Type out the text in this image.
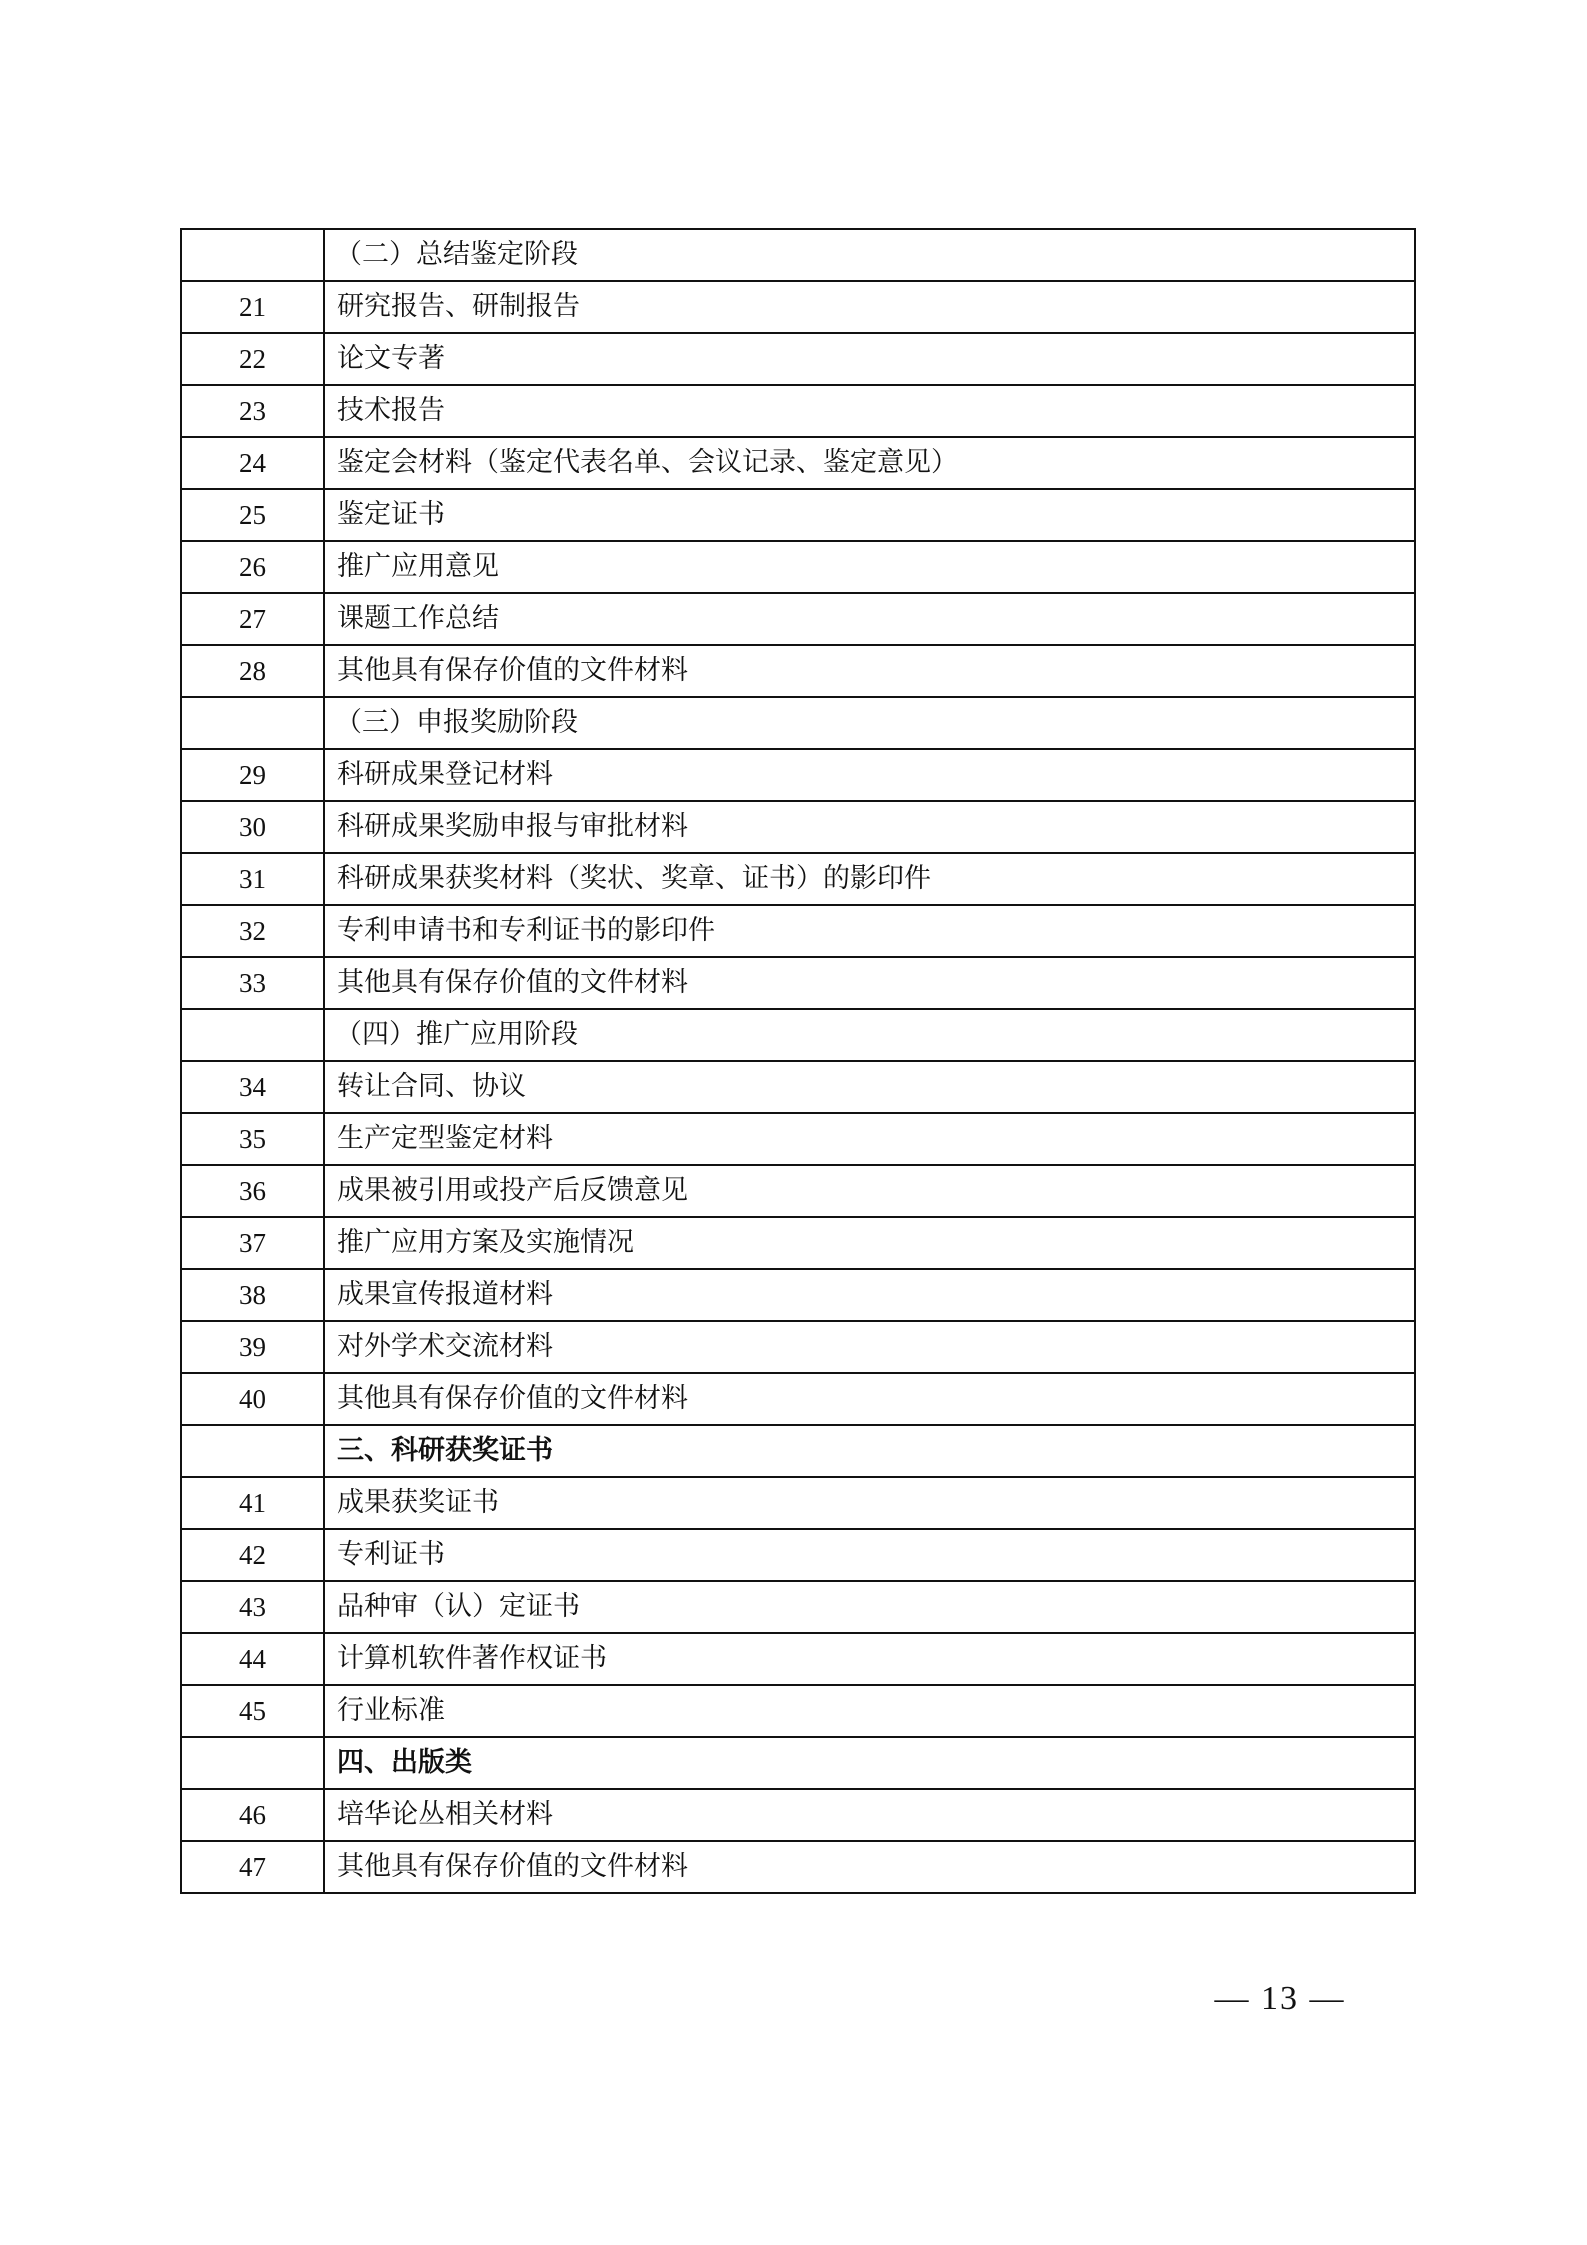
	（二）总结鉴定阶段
21	研究报告、研制报告
22	论文专著
23	技术报告
24	鉴定会材料（鉴定代表名单、会议记录、鉴定意见）
25	鉴定证书
26	推广应用意见
27	课题工作总结
28	其他具有保存价值的文件材料
	（三）申报奖励阶段
29	科研成果登记材料
30	科研成果奖励申报与审批材料
31	科研成果获奖材料（奖状、奖章、证书）的影印件
32	专利申请书和专利证书的影印件
33	其他具有保存价值的文件材料
	（四）推广应用阶段
34	转让合同、协议
35	生产定型鉴定材料
36	成果被引用或投产后反馈意见
37	推广应用方案及实施情况
38	成果宣传报道材料
39	对外学术交流材料
40	其他具有保存价值的文件材料
	三、科研获奖证书
41	成果获奖证书
42	专利证书
43	品种审（认）定证书
44	计算机软件著作权证书
45	行业标准
	四、出版类
46	培华论丛相关材料
47	其他具有保存价值的文件材料
— 13 —
